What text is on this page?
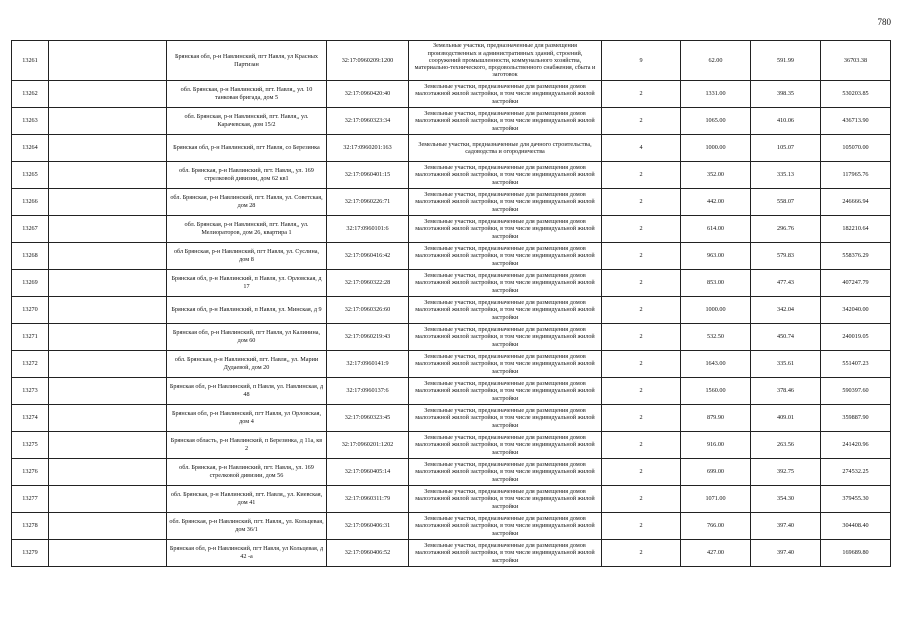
780
13261		Брянская обл, р-н Навлинский, пгт Навля, ул Красных Партизан	32:17:0960209:1200	Земельные участки, предназначенные для размещения производственных и административных зданий, строений, сооружений промышленности, коммунального хозяйства, материально-технического, продовольственного снабжения, сбыта и заготовок	9	62.00	591.99	36703.38
13262		обл. Брянская, р-н Навлинский, пгт. Навля,, ул. 10 танковая бригада, дом 5	32:17:0960420:40	Земельные участки, предназначенные для размещения домов малоэтажной жилой застройки, в том числе индивидуальной жилой застройки	2	1331.00	398.35	530203.85
13263		обл. Брянская, р-н Навлинский, пгт. Навля,, ул. Карачевская, дом 15/2	32:17:0960323:34	Земельные участки, предназначенные для размещения домов малоэтажной жилой застройки, в том числе индивидуальной жилой застройки	2	1065.00	410.06	436713.90
13264		Брянская обл, р-н Навлинский, пгт Навля, сo Березинка	32:17:0960201:163	Земельные участки, предназначенные для дачного строительства, садоводства и огородничества	4	1000.00	105.07	105070.00
13265		обл. Брянская, р-н Навлинский, пгт. Навля,, ул. 169 стрелковой дивизии, дом 62 кв1	32:17:0960401:15	Земельные участки, предназначенные для размещения домов малоэтажной жилой застройки, в том числе индивидуальной жилой застройки	2	352.00	335.13	117965.76
13266		обл. Брянская, р-н Навлинский, пгт. Навля, ул. Советская, дом 28	32:17:0960226:71	Земельные участки, предназначенные для размещения домов малоэтажной жилой застройки, в том числе индивидуальной жилой застройки	2	442.00	558.07	246666.94
13267		обл. Брянская, р-н Навлинский, пгт. Навля,, ул. Мелиораторов, дом 26, квартира 1	32:17:0960101:6	Земельные участки, предназначенные для размещения домов малоэтажной жилой застройки, в том числе индивидуальной жилой застройки	2	614.00	296.76	182210.64
13268		обл Брянская, р-н Навлинский, пгт Навля, ул. Суслина, дом 8	32:17:0960416:42	Земельные участки, предназначенные для размещения домов малоэтажной жилой застройки, в том числе индивидуальной жилой застройки	2	963.00	579.83	558376.29
13269		Брянская обл, р-н Навлинский, п Навля, ул. Орловская, д 17	32:17:0960322:28	Земельные участки, предназначенные для размещения домов малоэтажной жилой застройки, в том числе индивидуальной жилой застройки	2	853.00	477.43	407247.79
13270		Брянская обл, р-н Навлинский, п Навля, ул. Минская, д 9	32:17:0960326:60	Земельные участки, предназначенные для размещения домов малоэтажной жилой застройки, в том числе индивидуальной жилой застройки	2	1000.00	342.04	342040.00
13271		Брянская обл, р-н Навлинский, пгт Навля, ул Калинина, дом 60	32:17:0960219:43	Земельные участки, предназначенные для размещения домов малоэтажной жилой застройки, в том числе индивидуальной жилой застройки	2	532.50	450.74	240019.05
13272		обл. Брянская, р-н Навлинский, пгт. Навля,, ул. Марии Дудаевой, дом 20	32:17:0960141:9	Земельные участки, предназначенные для размещения домов малоэтажной жилой застройки, в том числе индивидуальной жилой застройки	2	1643.00	335.61	551407.23
13273		Брянская обл, р-н Навлинский, п Навля, ул. Навлинская, д 48	32:17:0960137:6	Земельные участки, предназначенные для размещения домов малоэтажной жилой застройки, в том числе индивидуальной жилой застройки	2	1560.00	378.46	590397.60
13274		Брянская обл, р-н Навлинский, пгт Навля, ул Орловская, дом 4	32:17:0960323:45	Земельные участки, предназначенные для размещения домов малоэтажной жилой застройки, в том числе индивидуальной жилой застройки	2	879.90	409.01	359887.90
13275		Брянская область, р-н Навлинский, п Березинка, д 11а, кв 2	32:17:0960201:1202	Земельные участки, предназначенные для размещения домов малоэтажной жилой застройки, в том числе индивидуальной жилой застройки	2	916.00	263.56	241420.96
13276		обл. Брянская, р-н Навлинский, пгт. Навля,, ул. 169 стрелковой дивизии, дом 56	32:17:0960405:14	Земельные участки, предназначенные для размещения домов малоэтажной жилой застройки, в том числе индивидуальной жилой застройки	2	699.00	392.75	274532.25
13277		обл. Брянская, р-н Навлинский, пгт. Навля,, ул. Киевская, дом 41	32:17:0960311:79	Земельные участки, предназначенные для размещения домов малоэтажной жилой застройки, в том числе индивидуальной жилой застройки	2	1071.00	354.30	379455.30
13278		обл. Брянская, р-н Навлинский, пгт. Навля,, ул. Кольцевая, дом 36/1	32:17:0960406:31	Земельные участки, предназначенные для размещения домов малоэтажной жилой застройки, в том числе индивидуальной жилой застройки	2	766.00	397.40	304408.40
13279		Брянская обл, р-н Навлинский, пгт Навля, ул Кольцевая, д 42 -а	32:17:0960406:52	Земельные участки, предназначенные для размещения домов малоэтажной жилой застройки, в том числе индивидуальной жилой застройки	2	427.00	397.40	169689.80
